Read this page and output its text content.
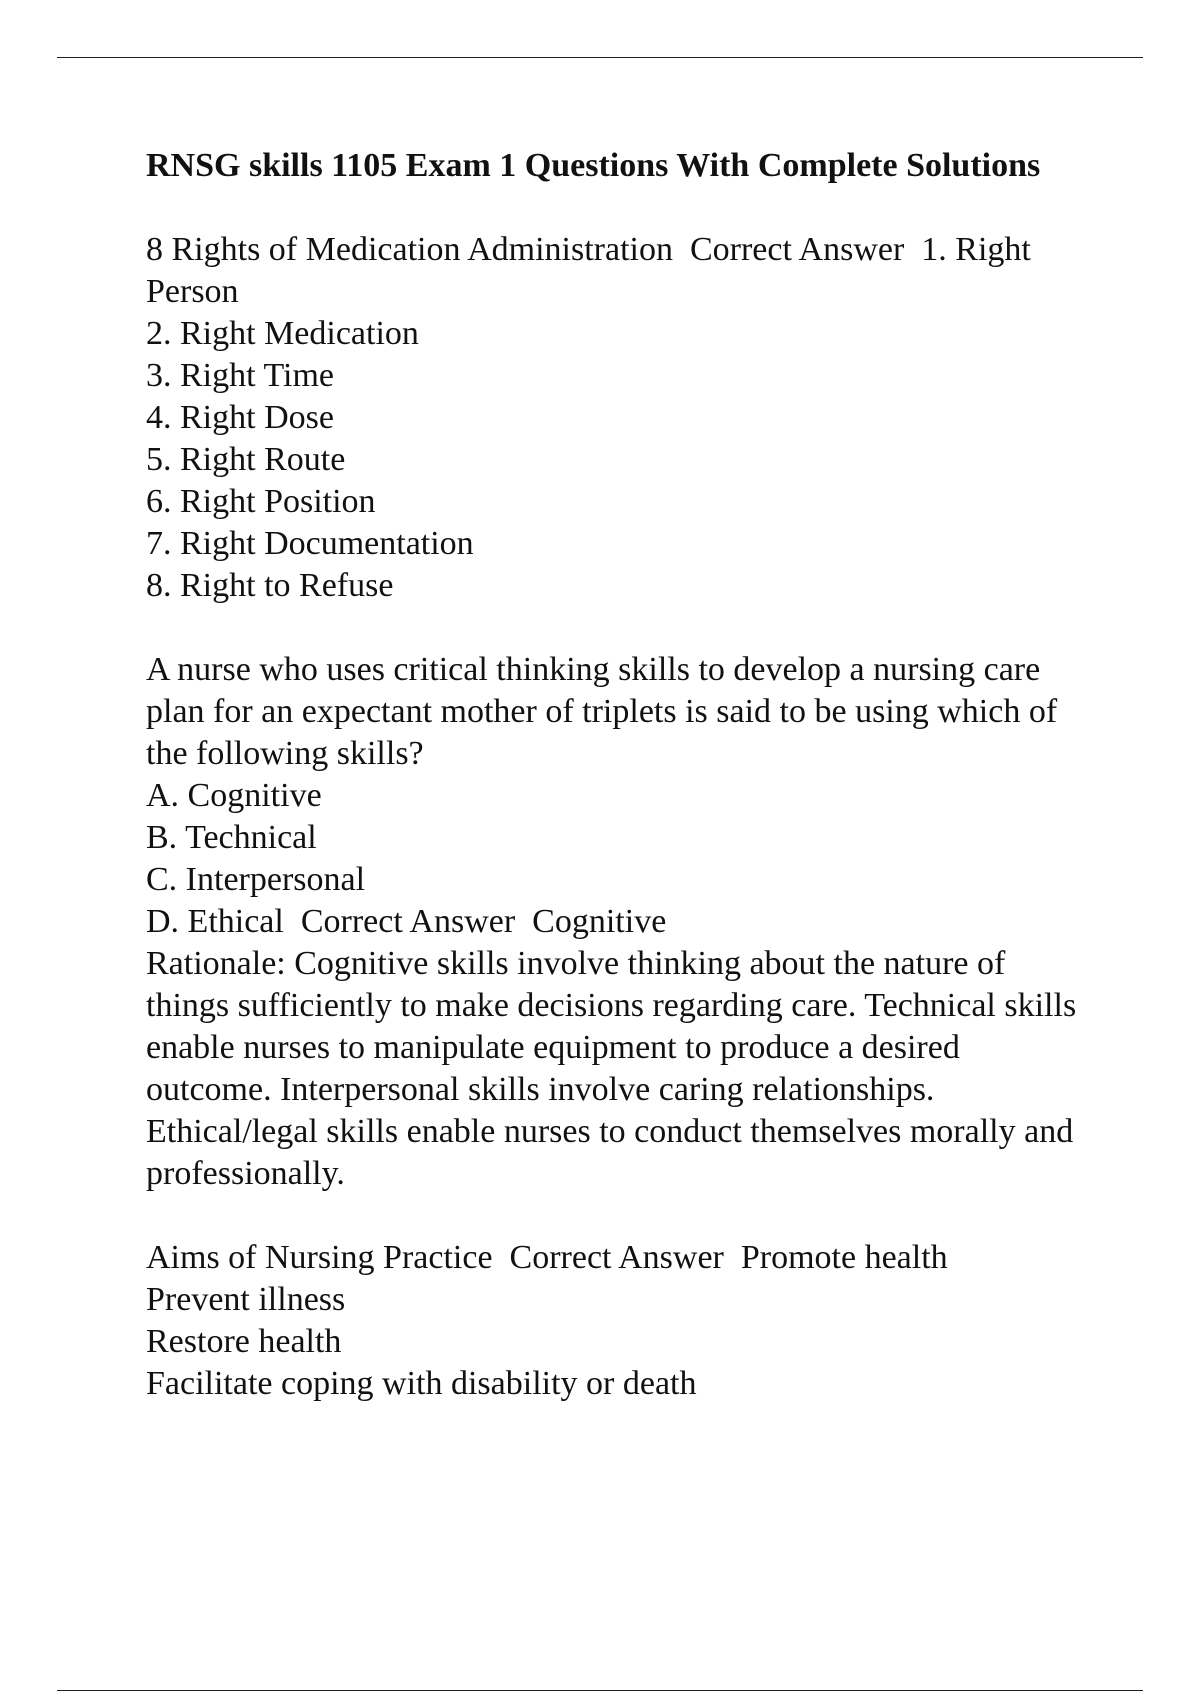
RNSG skills 1105 Exam 1 Questions With Complete Solutions
8 Rights of Medication Administration Correct Answer 1. Right Person
2. Right Medication
3. Right Time
4. Right Dose
5. Right Route
6. Right Position
7. Right Documentation
8. Right to Refuse
A nurse who uses critical thinking skills to develop a nursing care plan for an expectant mother of triplets is said to be using which of the following skills?
A. Cognitive
B. Technical
C. Interpersonal
D. Ethical Correct Answer Cognitive
Rationale: Cognitive skills involve thinking about the nature of things sufficiently to make decisions regarding care. Technical skills enable nurses to manipulate equipment to produce a desired outcome. Interpersonal skills involve caring relationships. Ethical/legal skills enable nurses to conduct themselves morally and professionally.
Aims of Nursing Practice Correct Answer Promote health
Prevent illness
Restore health
Facilitate coping with disability or death
